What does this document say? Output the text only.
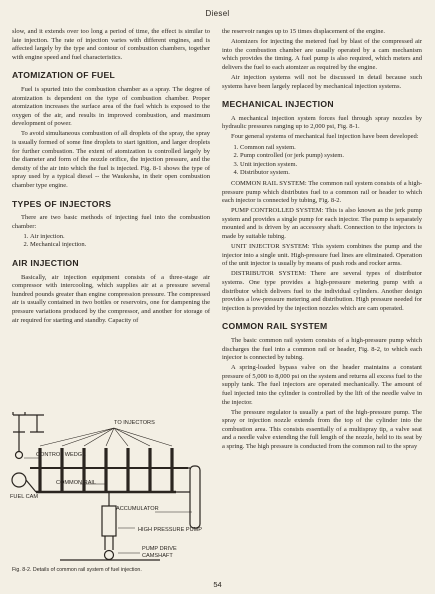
Diesel

slow, and it extends over too long a period of time, the effect is similar to late injection. The rate of injection varies with different engines, and is affected largely by the type and contour of combustion chambers, together with engine speed and fuel characteristics.

ATOMIZATION OF FUEL

Fuel is spurted into the combustion chamber as a spray. The degree of atomization is dependent on the type of combustion chamber. Proper atomization increases the surface area of the fuel which is exposed to the oxygen of the air, and results in improved combustion, and maximum development of power.

To avoid simultaneous combustion of all droplets of the spray, the spray is usually formed of some fine droplets to start ignition, and larger droplets for further combustion. The extent of atomization is controlled largely by the diameter and form of the nozzle orifice, the injection pressure, and the density of the air into which the fuel is injected. Fig. 8-1 shows the type of spray used by a typical diesel -- the Waukesha, in their open combustion chamber type engine.

TYPES OF INJECTORS

There are two basic methods of injecting fuel into the combustion chamber:

1. Air injection.
2. Mechanical injection.
AIR INJECTION

Basically, air injection equipment consists of a three-stage air compressor with intercooling, which supplies air at a pressure several hundred pounds greater than engine compression pressure. The compressed air is usually contained in two bottles or reservoirs, one for dampening the pressure variations produced by the compressor, and another for storage of air required for starting and standby. Capacity of

TO INJECTORS
CONTROL WEDGE
COMMON RAIL
FUEL CAM
ACCUMULATOR
HIGH PRESSURE PUMP
PUMP DRIVE
CAMSHAFT
Fig. 8-2. Details of common rail system of fuel injection.

the reservoir ranges up to 15 times displacement of the engine.

Atomizers for injecting the metered fuel by blast of the compressed air into the combustion chamber are usually operated by a cam mechanism which provides the timing. A fuel pump is also required, which meters and delivers the fuel to each atomizer as required by the engine.

Air injection systems will not be discussed in detail because such systems have been largely replaced by mechanical injection systems.

MECHANICAL INJECTION

A mechanical injection system forces fuel through spray nozzles by hydraulic pressures ranging up to 2,000 psi, Fig. 8-1.

Four general systems of mechanical fuel injection have been developed:

1. Common rail system.
2. Pump controlled (or jerk pump) system.
3. Unit injection system.
4. Distributor system.

COMMON RAIL SYSTEM: The common rail system consists of a high-pressure pump which distributes fuel to a common rail or header to which each injector is connected by tubing, Fig. 8-2.

PUMP CONTROLLED SYSTEM: This is also known as the jerk pump system and provides a single pump for each injector. The pump is separately mounted and is driven by an accessory shaft. Connection to the injectors is made by suitable tubing.

UNIT INJECTOR SYSTEM: This system combines the pump and the injector into a single unit. High-pressure fuel lines are eliminated. Operation of the unit injector is usually by means of push rods and rocker arms.

DISTRIBUTOR SYSTEM: There are several types of distributor systems. One type provides a high-pressure metering pump with a distributor which delivers fuel to the individual cylinders. Another design provides a low-pressure metering and distribution. High pressure needed for injection is provided by the injection nozzles which are cam operated.

COMMON RAIL SYSTEM

The basic common rail system consists of a high-pressure pump which discharges the fuel into a common rail or header, Fig. 8-2, to which each injector is connected by tubing.

A spring-loaded bypass valve on the header maintains a constant pressure of 5,000 to 8,000 psi on the system and returns all excess fuel to the supply tank. The fuel injectors are operated mechanically. The amount of fuel injected into the cylinder is controlled by the lift of the needle valve in the injector.

The pressure regulator is usually a part of the high-pressure pump. The spray or injection nozzle extends from the top of the cylinder into the combustion area. This consists essentially of a multispray tip, a valve seat and a needle valve extending the full length of the nozzle, held to its seat by a spring. The high pressure is conducted from the common rail to the spray

54
